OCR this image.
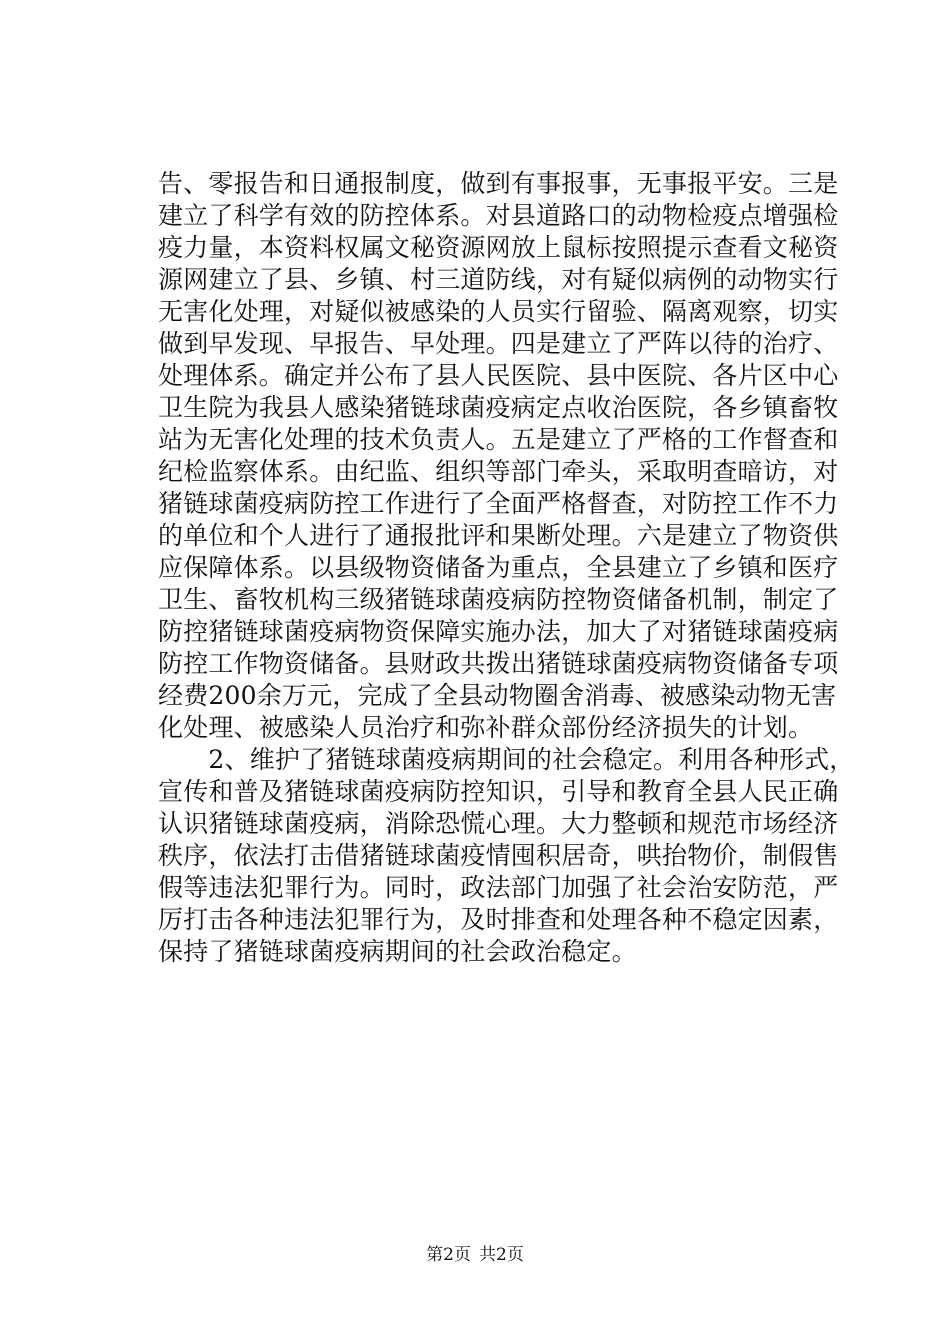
告、零报告和日通报制度，做到有事报事，无事报平安。三是
建立了科学有效的防控体系。对县道路口的动物检疫点增强检
疫力量，本资料权属文秘资源网放上鼠标按照提示查看文秘资
源网建立了县、乡镇、村三道防线，对有疑似病例的动物实行
无害化处理，对疑似被感染的人员实行留验、隔离观察，切实
做到早发现、早报告、早处理。四是建立了严阵以待的治疗、
处理体系。确定并公布了县人民医院、县中医院、各片区中心
卫生院为我县人感染猪链球菌疫病定点收治医院，各乡镇畜牧
站为无害化处理的技术负责人。五是建立了严格的工作督查和
纪检监察体系。由纪监、组织等部门牵头，采取明查暗访，对
猪链球菌疫病防控工作进行了全面严格督查，对防控工作不力
的单位和个人进行了通报批评和果断处理。六是建立了物资供
应保障体系。以县级物资储备为重点，全县建立了乡镇和医疗
卫生、畜牧机构三级猪链球菌疫病防控物资储备机制，制定了
防控猪链球菌疫病物资保障实施办法，加大了对猪链球菌疫病
防控工作物资储备。县财政共拨出猪链球菌疫病物资储备专项
经费200余万元，完成了全县动物圈舍消毒、被感染动物无害
化处理、被感染人员治疗和弥补群众部份经济损失的计划。
　　2、维护了猪链球菌疫病期间的社会稳定。利用各种形式，
宣传和普及猪链球菌疫病防控知识，引导和教育全县人民正确
认识猪链球菌疫病，消除恐慌心理。大力整顿和规范市场经济
秩序，依法打击借猪链球菌疫情囤积居奇，哄抬物价，制假售
假等违法犯罪行为。同时，政法部门加强了社会治安防范，严
厉打击各种违法犯罪行为，及时排查和处理各种不稳定因素，
保持了猪链球菌疫病期间的社会政治稳定。
第2页 共2页
